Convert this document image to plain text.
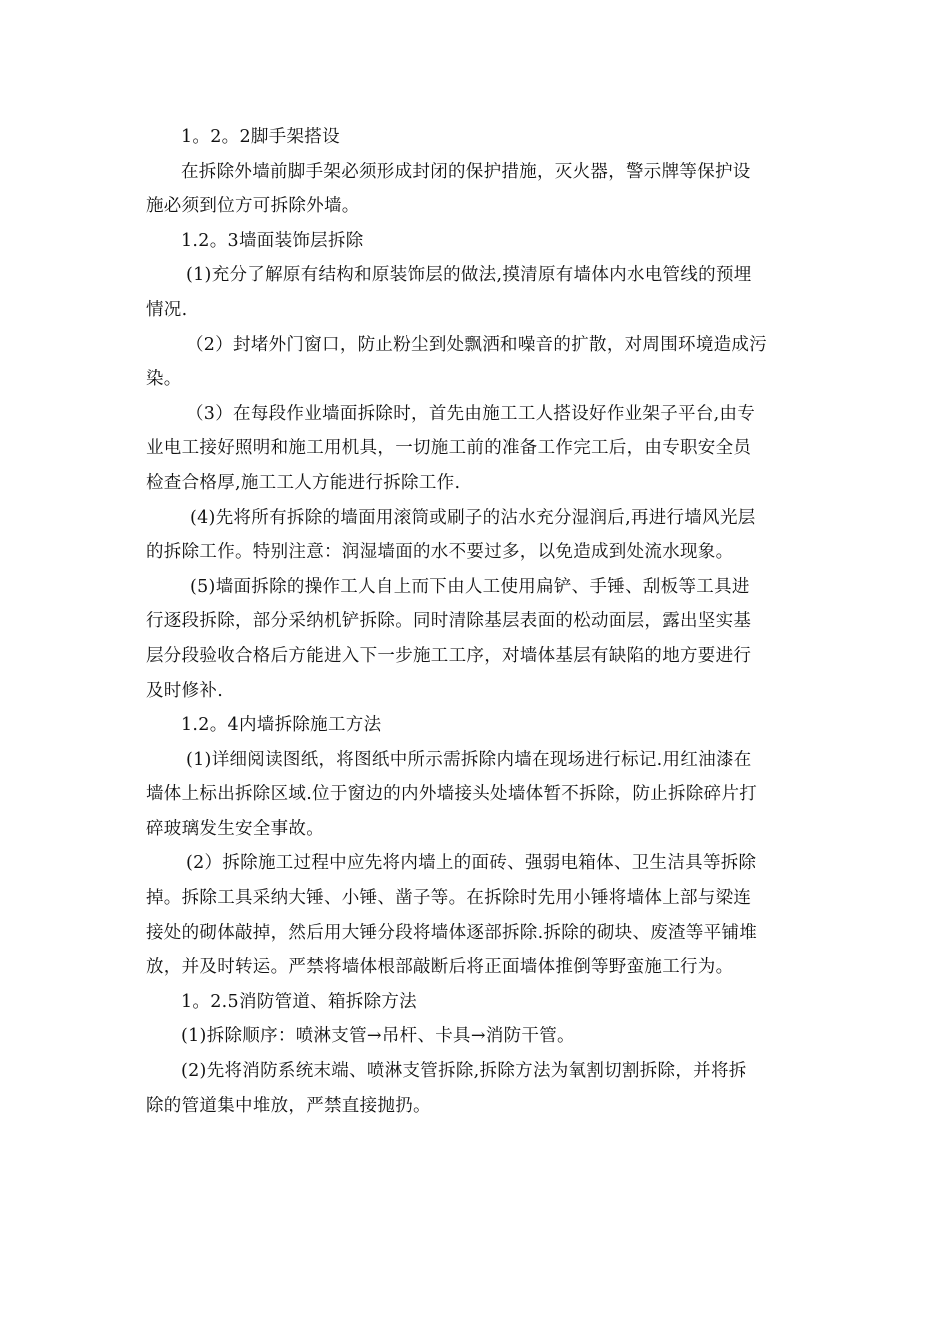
1。2。2脚手架搭设
在拆除外墙前脚手架必须形成封闭的保护措施，灭火器，警示牌等保护设
施必须到位方可拆除外墙。
1.2。3墙面装饰层拆除
(1)充分了解原有结构和原装饰层的做法,摸清原有墙体内水电管线的预埋
情况.
（2）封堵外门窗口，防止粉尘到处飘洒和噪音的扩散，对周围环境造成污
染。
（3）在每段作业墙面拆除时，首先由施工工人搭设好作业架子平台,由专
业电工接好照明和施工用机具，一切施工前的准备工作完工后，由专职安全员
检查合格厚,施工工人方能进行拆除工作.
(4)先将所有拆除的墙面用滚筒或刷子的沾水充分湿润后,再进行墙风光层
的拆除工作。特别注意：润湿墙面的水不要过多，以免造成到处流水现象。
(5)墙面拆除的操作工人自上而下由人工使用扁铲、手锤、刮板等工具进
行逐段拆除，部分采纳机铲拆除。同时清除基层表面的松动面层，露出坚实基
层分段验收合格后方能进入下一步施工工序，对墙体基层有缺陷的地方要进行
及时修补.
1.2。4内墙拆除施工方法
(1)详细阅读图纸，将图纸中所示需拆除内墙在现场进行标记.用红油漆在
墙体上标出拆除区域.位于窗边的内外墙接头处墙体暂不拆除，防止拆除碎片打
碎玻璃发生安全事故。
(2）拆除施工过程中应先将内墙上的面砖、强弱电箱体、卫生洁具等拆除
掉。拆除工具采纳大锤、小锤、凿子等。在拆除时先用小锤将墙体上部与梁连
接处的砌体敲掉，然后用大锤分段将墙体逐部拆除.拆除的砌块、废渣等平铺堆
放，并及时转运。严禁将墙体根部敲断后将正面墙体推倒等野蛮施工行为。
1。2.5消防管道、箱拆除方法
(1)拆除顺序：喷淋支管→吊杆、卡具→消防干管。
(2)先将消防系统末端、喷淋支管拆除,拆除方法为氧割切割拆除，并将拆
除的管道集中堆放，严禁直接抛扔。
